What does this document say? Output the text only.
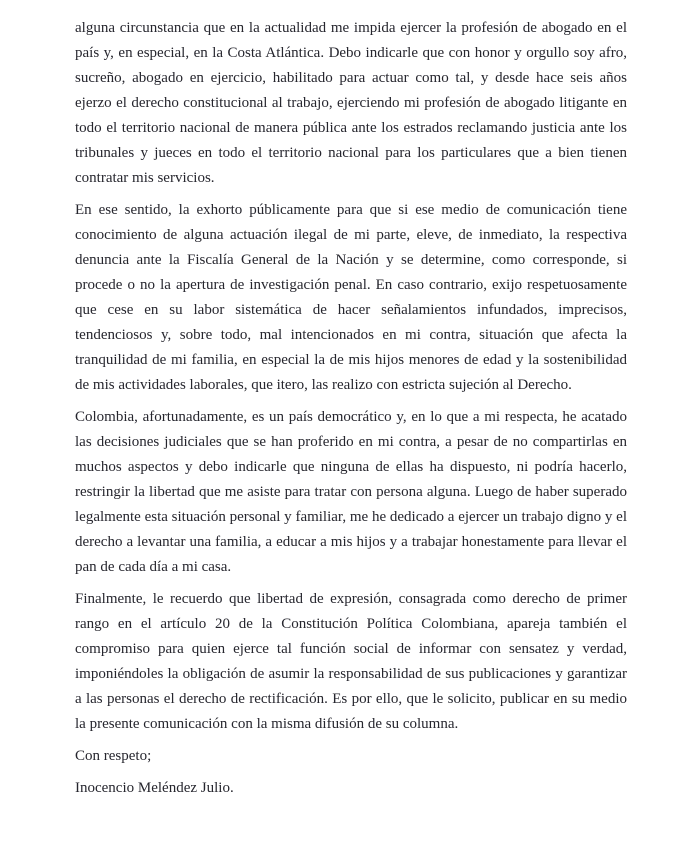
alguna circunstancia que en la actualidad me impida ejercer la profesión de abogado en el país y, en especial, en la Costa Atlántica. Debo indicarle que con honor y orgullo soy afro, sucreño, abogado en ejercicio, habilitado para actuar como tal, y desde hace seis años ejerzo el derecho constitucional al trabajo, ejerciendo mi profesión de abogado litigante en todo el territorio nacional de manera pública ante los estrados reclamando justicia ante los tribunales y jueces en todo el territorio nacional para los particulares que a bien tienen contratar mis servicios.

En ese sentido, la exhorto públicamente para que si ese medio de comunicación tiene conocimiento de alguna actuación ilegal de mi parte, eleve, de inmediato, la respectiva denuncia ante la Fiscalía General de la Nación y se determine, como corresponde, si procede o no la apertura de investigación penal. En caso contrario, exijo respetuosamente que cese en su labor sistemática de hacer señalamientos infundados, imprecisos, tendenciosos y, sobre todo, mal intencionados en mi contra, situación que afecta la tranquilidad de mi familia, en especial la de mis hijos menores de edad y la sostenibilidad de mis actividades laborales, que itero, las realizo con estricta sujeción al Derecho.

Colombia, afortunadamente, es un país democrático y, en lo que a mi respecta, he acatado las decisiones judiciales que se han proferido en mi contra, a pesar de no compartirlas en muchos aspectos y debo indicarle que ninguna de ellas ha dispuesto, ni podría hacerlo, restringir la libertad que me asiste para tratar con persona alguna. Luego de haber superado legalmente esta situación personal y familiar, me he dedicado a ejercer un trabajo digno y el derecho a levantar una familia, a educar a mis hijos y a trabajar honestamente para llevar el pan de cada día a mi casa.

Finalmente, le recuerdo que libertad de expresión, consagrada como derecho de primer rango en el artículo 20 de la Constitución Política Colombiana, apareja también el compromiso para quien ejerce tal función social de informar con sensatez y verdad, imponiéndoles la obligación de asumir la responsabilidad de sus publicaciones y garantizar a las personas el derecho de rectificación. Es por ello, que le solicito, publicar en su medio la presente comunicación con la misma difusión de su columna.

Con respeto;

Inocencio Meléndez Julio.
